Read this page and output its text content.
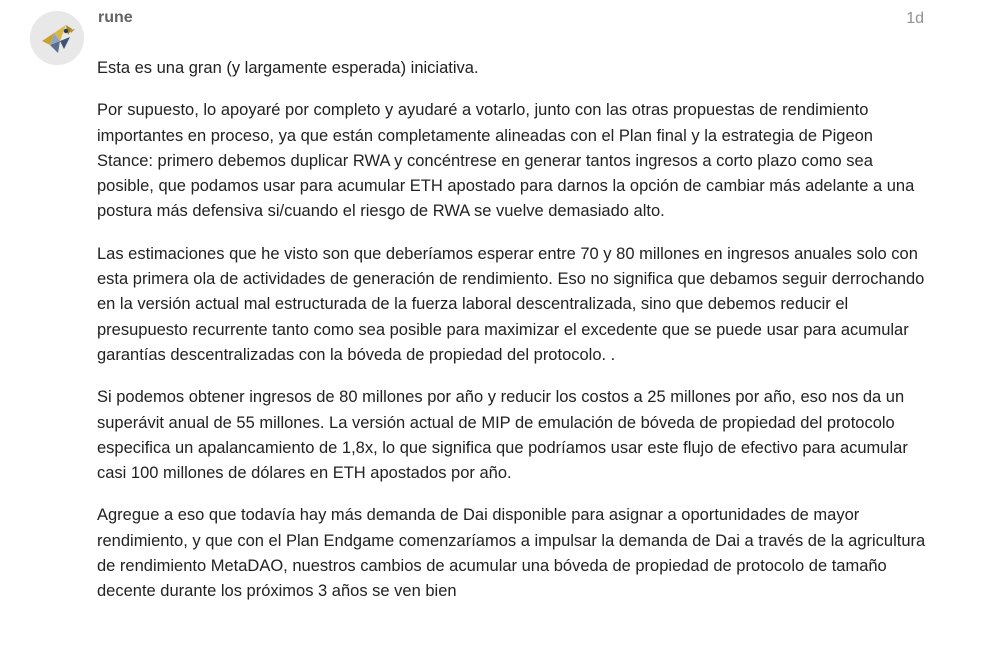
rune	1d

Esta es una gran (y largamente esperada) iniciativa.

Por supuesto, lo apoyaré por completo y ayudaré a votarlo, junto con las otras propuestas de rendimiento importantes en proceso, ya que están completamente alineadas con el Plan final y la estrategia de Pigeon Stance: primero debemos duplicar RWA y concéntrese en generar tantos ingresos a corto plazo como sea posible, que podamos usar para acumular ETH apostado para darnos la opción de cambiar más adelante a una postura más defensiva si/cuando el riesgo de RWA se vuelve demasiado alto.

Las estimaciones que he visto son que deberíamos esperar entre 70 y 80 millones en ingresos anuales solo con esta primera ola de actividades de generación de rendimiento. Eso no significa que debamos seguir derrochando en la versión actual mal estructurada de la fuerza laboral descentralizada, sino que debemos reducir el presupuesto recurrente tanto como sea posible para maximizar el excedente que se puede usar para acumular garantías descentralizadas con la bóveda de propiedad del protocolo. .

Si podemos obtener ingresos de 80 millones por año y reducir los costos a 25 millones por año, eso nos da un superávit anual de 55 millones. La versión actual de MIP de emulación de bóveda de propiedad del protocolo especifica un apalancamiento de 1,8x, lo que significa que podríamos usar este flujo de efectivo para acumular casi 100 millones de dólares en ETH apostados por año.

Agregue a eso que todavía hay más demanda de Dai disponible para asignar a oportunidades de mayor rendimiento, y que con el Plan Endgame comenzaríamos a impulsar la demanda de Dai a través de la agricultura de rendimiento MetaDAO, nuestros cambios de acumular una bóveda de propiedad de protocolo de tamaño decente durante los próximos 3 años se ven bien
